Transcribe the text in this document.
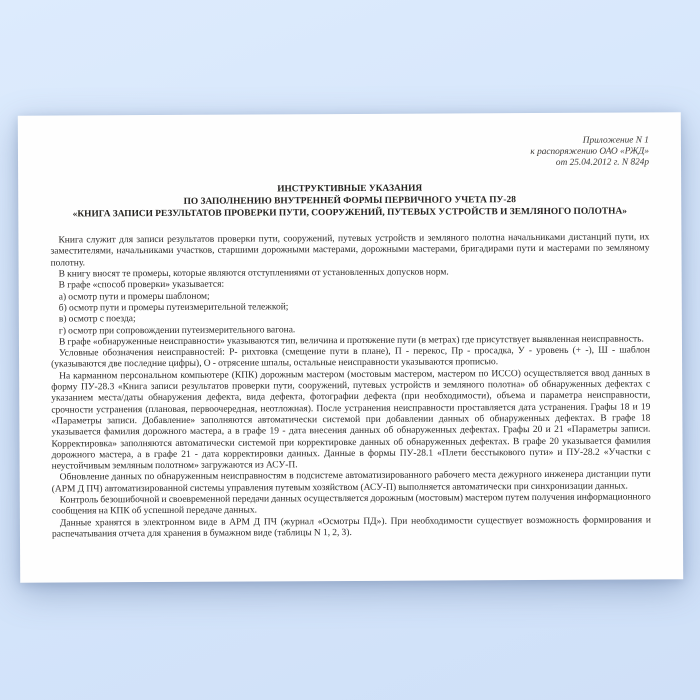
Приложение N 1
к распоряжению ОАО «РЖД»
от 25.04.2012 г. N 824р
ИНСТРУКТИВНЫЕ УКАЗАНИЯ
ПО ЗАПОЛНЕНИЮ ВНУТРЕННЕЙ ФОРМЫ ПЕРВИЧНОГО УЧЕТА ПУ-28
«КНИГА ЗАПИСИ РЕЗУЛЬТАТОВ ПРОВЕРКИ ПУТИ, СООРУЖЕНИЙ, ПУТЕВЫХ УСТРОЙСТВ И ЗЕМЛЯНОГО ПОЛОТНА»

Книга служит для записи результатов проверки пути, сооружений, путевых устройств и земляного полотна начальниками дистанций пути, их заместителями, начальниками участков, старшими дорожными мастерами, дорожными мастерами, бригадирами пути и мастерами по земляному полотну.

В книгу вносят те промеры, которые являются отступлениями от установленных допусков норм.

В графе «способ проверки» указывается:

а) осмотр пути и промеры шаблоном;

б) осмотр пути и промеры путеизмерительной тележкой;

в) осмотр с поезда;

г) осмотр при сопровождении путеизмерительного вагона.

В графе «обнаруженные неисправности» указываются тип, величина и протяжение пути (в метрах) где присутствует выявленная неисправность.

Условные обозначения неисправностей: Р- рихтовка (смещение пути в плане), П - перекос, Пр - просадка, У - уровень (+ -), Ш - шаблон (указываются две последние цифры), О - отрясение шпалы, остальные неисправности указываются прописью.

На карманном персональном компьютере (КПК) дорожным мастером (мостовым мастером, мастером по ИССО) осуществляется ввод данных в форму ПУ-28.3 «Книга записи результатов проверки пути, сооружений, путевых устройств и земляного полотна» об обнаруженных дефектах с указанием места/даты обнаружения дефекта, вида дефекта, фотографии дефекта (при необходимости), объема и параметра неисправности, срочности устранения (плановая, первоочередная, неотложная). После устранения неисправности проставляется дата устранения. Графы 18 и 19 «Параметры записи. Добавление» заполняются автоматически системой при добавлении данных об обнаруженных дефектах. В графе 18 указывается фамилия дорожного мастера, а в графе 19 - дата внесения данных об обнаруженных дефектах. Графы 20 и 21 «Параметры записи. Корректировка» заполняются автоматически системой при корректировке данных об обнаруженных дефектах. В графе 20 указывается фамилия дорожного мастера, а в графе 21 - дата корректировки данных. Данные в формы ПУ-28.1 «Плети бесстыкового пути» и ПУ-28.2 «Участки с неустойчивым земляным полотном» загружаются из АСУ-П.

Обновление данных по обнаруженным неисправностям в подсистеме автоматизированного рабочего места дежурного инженера дистанции пути (АРМ Д ПЧ) автоматизированной системы управления путевым хозяйством (АСУ-П) выполняется автоматически при синхронизации данных.

Контроль безошибочной и своевременной передачи данных осуществляется дорожным (мостовым) мастером путем получения информационного сообщения на КПК об успешной передаче данных.

Данные хранятся в электронном виде в АРМ Д ПЧ (журнал «Осмотры ПД»). При необходимости существует возможность формирования и распечатывания отчета для хранения в бумажном виде (таблицы N 1, 2, 3).
